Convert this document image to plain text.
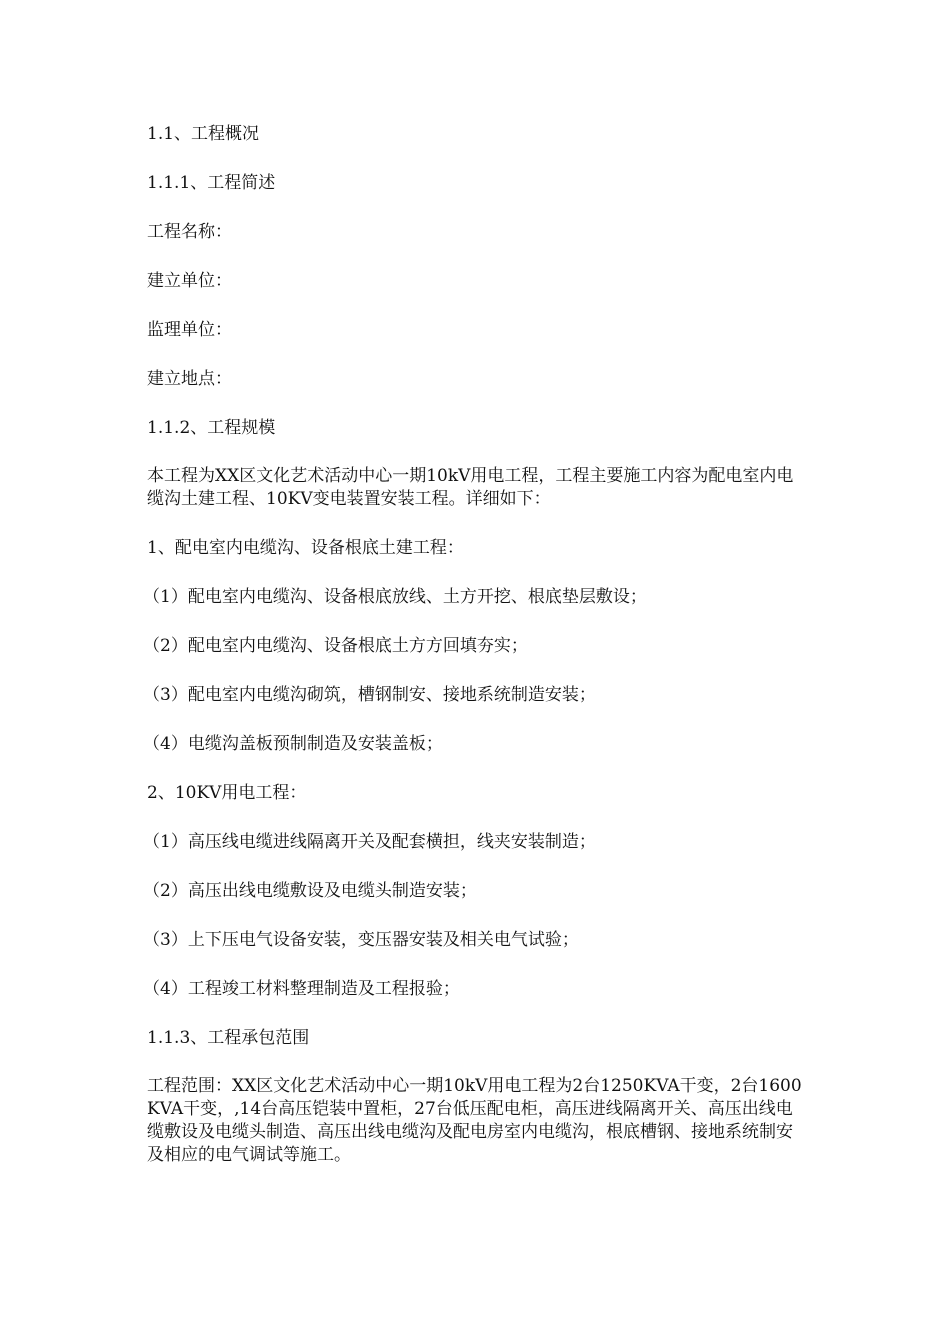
1.1、工程概况

1.1.1、工程简述

工程名称：

建立单位：

监理单位：

建立地点：

1.1.2、工程规模

本工程为XX区文化艺术活动中心一期10kV用电工程，工程主要施工内容为配电室内电缆沟土建工程、10KV变电装置安装工程。详细如下：

1、配电室内电缆沟、设备根底土建工程：

（1）配电室内电缆沟、设备根底放线、土方开挖、根底垫层敷设；

（2）配电室内电缆沟、设备根底土方方回填夯实；

（3）配电室内电缆沟砌筑，槽钢制安、接地系统制造安装；

（4）电缆沟盖板预制制造及安装盖板；

2、10KV用电工程：

（1）高压线电缆进线隔离开关及配套横担，线夹安装制造；

（2）高压出线电缆敷设及电缆头制造安装；

（3）上下压电气设备安装，变压器安装及相关电气试验；

（4）工程竣工材料整理制造及工程报验；

1.1.3、工程承包范围

工程范围：XX区文化艺术活动中心一期10kV用电工程为2台1250KVA干变，2台1600KVA干变，,14台高压铠装中置柜，27台低压配电柜，高压进线隔离开关、高压出线电缆敷设及电缆头制造、高压出线电缆沟及配电房室内电缆沟，根底槽钢、接地系统制安及相应的电气调试等施工。
